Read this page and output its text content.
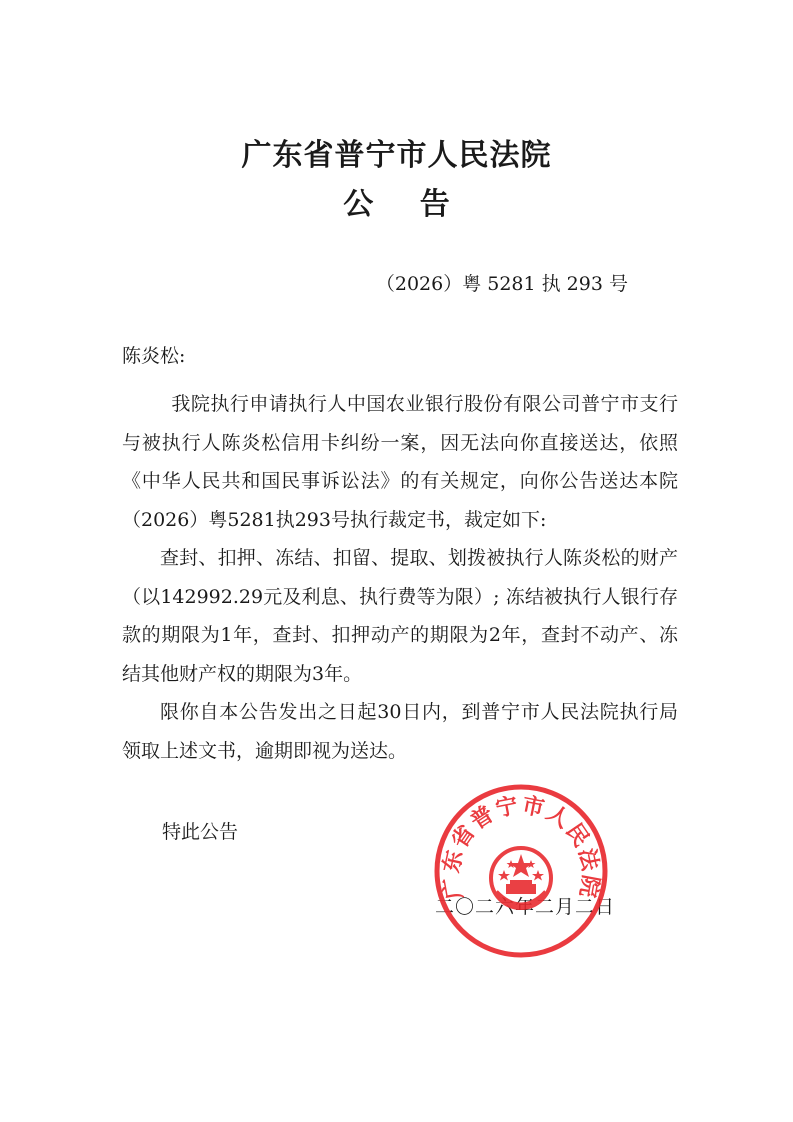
广东省普宁市人民法院
公 告
（2026）粤 5281 执 293 号
陈炎松:

我院执行申请执行人中国农业银行股份有限公司普宁市支行与被执行人陈炎松信用卡纠纷一案，因无法向你直接送达，依照《中华人民共和国民事诉讼法》的有关规定，向你公告送达本院（2026）粤5281执293号执行裁定书，裁定如下:

查封、扣押、冻结、扣留、提取、划拨被执行人陈炎松的财产（以142992.29元及利息、执行费等为限）; 冻结被执行人银行存款的期限为1年，查封、扣押动产的期限为2年，查封不动产、冻结其他财产权的期限为3年。

限你自本公告发出之日起30日内，到普宁市人民法院执行局领取上述文书，逾期即视为送达。

特此公告
二〇二六年二月二日
广东省普宁市人民法院
